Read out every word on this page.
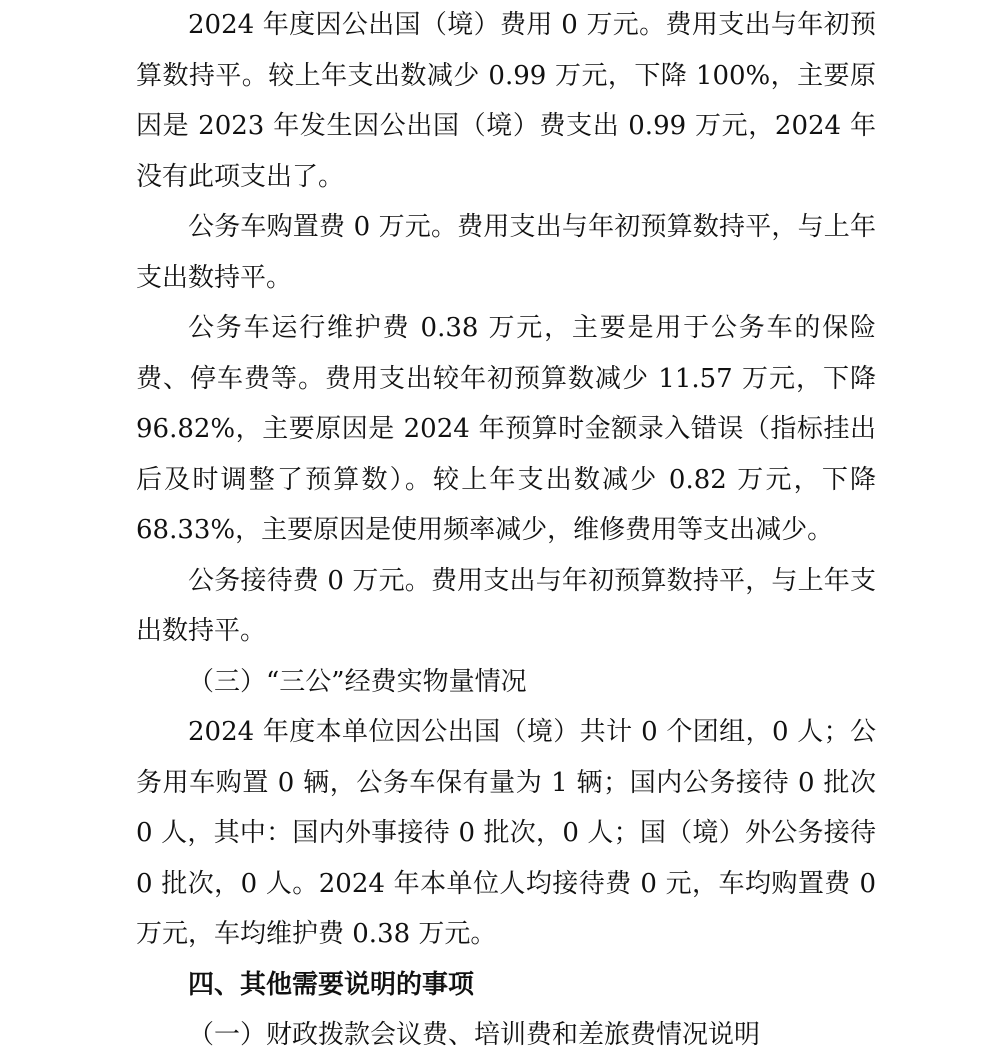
2024 年度因公出国（境）费用 0 万元。费用支出与年初预算数持平。较上年支出数减少 0.99 万元，下降 100%，主要原因是 2023 年发生因公出国（境）费支出 0.99 万元，2024 年没有此项支出了。

公务车购置费 0 万元。费用支出与年初预算数持平，与上年支出数持平。

公务车运行维护费 0.38 万元，主要是用于公务车的保险费、停车费等。费用支出较年初预算数减少 11.57 万元，下降 96.82%，主要原因是 2024 年预算时金额录入错误（指标挂出后及时调整了预算数）。较上年支出数减少 0.82 万元，下降 68.33%，主要原因是使用频率减少，维修费用等支出减少。

公务接待费 0 万元。费用支出与年初预算数持平，与上年支出数持平。

（三）“三公”经费实物量情况

2024 年度本单位因公出国（境）共计 0 个团组，0 人；公务用车购置 0 辆，公务车保有量为 1 辆；国内公务接待 0 批次 0 人，其中：国内外事接待 0 批次，0 人；国（境）外公务接待 0 批次，0 人。2024 年本单位人均接待费 0 元，车均购置费 0 万元，车均维护费 0.38 万元。

四、其他需要说明的事项

（一）财政拨款会议费、培训费和差旅费情况说明
